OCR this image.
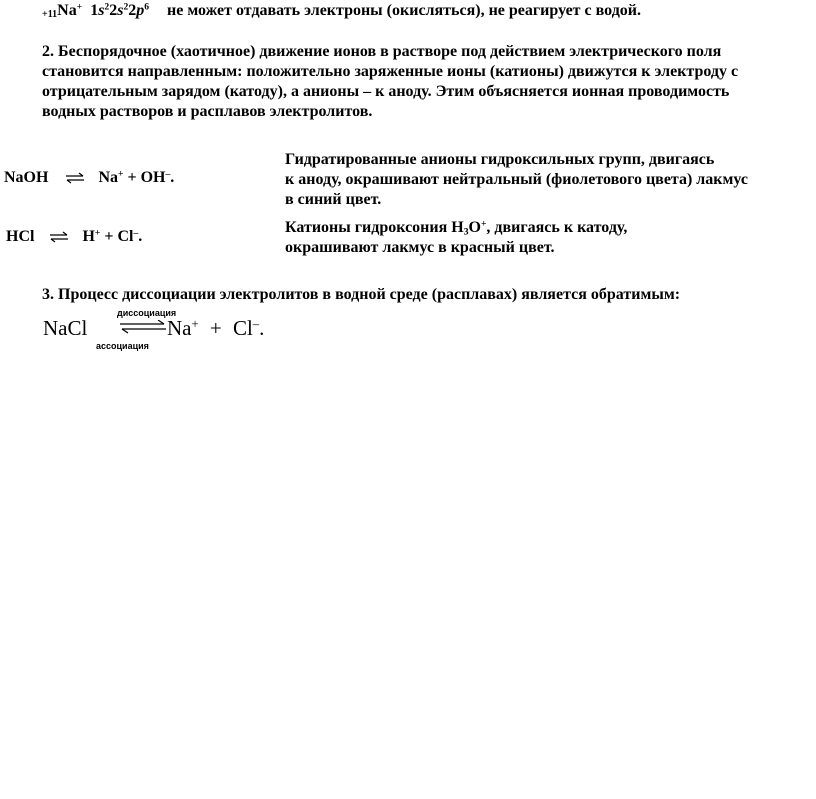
$_{+11}$Na+ $1s^22s^22p^6$ не может отдавать электроны (окисляться), не реагирует с водой.
2. Беспорядочное (хаотичное) движение ионов в растворе под действием электрического поля
становится направленным: положительно заряженные ионы (катионы) движутся к электроду с
отрицательным зарядом (катоду), а анионы – к аноду. Этим объясняется ионная проводимость
водных растворов и расплавов электролитов.
NaOH ⇌ Na+ + OH–.
Гидратированные анионы гидроксильных групп, двигаясь
к аноду, окрашивают нейтральный (фиолетового цвета) лакмус
в синий цвет.
HCl ⇌ H+ + Cl–.
Катионы гидроксония $H_3O^+$, двигаясь к катоду,
окрашивают лакмус в красный цвет.
3. Процесс диссоциации электролитов в водной среде (расплавах) является обратимым:
NaCl
диссоциация
ассоциация
Na+ + Cl–.
